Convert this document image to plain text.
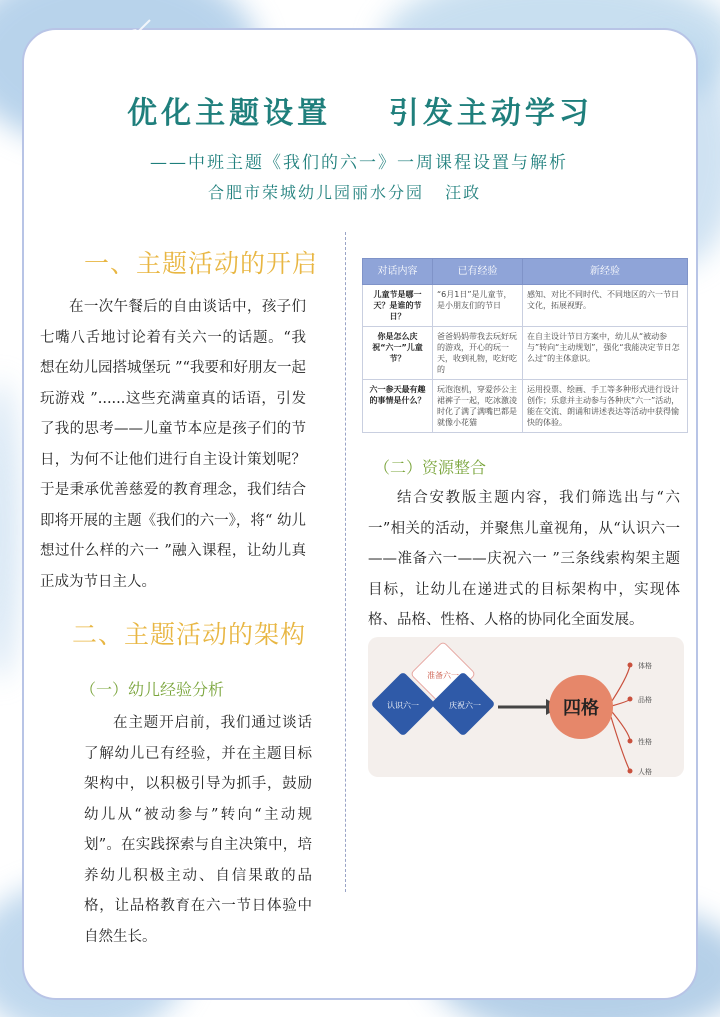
优化主题设置    引发主动学习
——中班主题《我们的六一》一周课程设置与解析
合肥市荣城幼儿园丽水分园 汪政
一、主题活动的开启
在一次午餐后的自由谈话中，孩子们七嘴八舌地讨论着有关六一的话题。“我想在幼儿园搭城堡玩 ”“我要和好朋友一起玩游戏 ”......这些充满童真的话语，引发了我的思考——儿童节本应是孩子们的节日，为何不让他们进行自主设计策划呢？于是秉承优善慈爱的教育理念，我们结合即将开展的主题《我们的六一》，将“ 幼儿想过什么样的六一 ”融入课程，让幼儿真正成为节日主人。
二、主题活动的架构
（一）幼儿经验分析
在主题开启前，我们通过谈话了解幼儿已有经验，并在主题目标架构中，以积极引导为抓手，鼓励幼儿从“被动参与”转向“主动规划”。在实践探索与自主决策中，培养幼儿积极主动、自信果敢的品格，让品格教育在六一节日体验中自然生长。
对话内容	已有经验	新经验
儿童节是哪一天？是谁的节日？	“6月1日”是儿童节，是小朋友们的节日	感知、对比不同时代、不同地区的六一节日文化，拓展视野。
你是怎么庆祝“六一”儿童节？	爸爸妈妈带我去玩好玩的游戏，开心的玩一天，收到礼物，吃好吃的	在自主设计节日方案中，幼儿从“被动参与”转向“主动规划”，强化“我能决定节日怎么过”的主体意识。
六一参天最有趣的事情是什么？	玩泡泡机，穿爱莎公主裙裤子一起，吃冰激凌时化了满了满嘴巴都是就像小花猫	运用投票、绘画、手工等多种形式进行设计创作；乐意并主动参与各种庆“六一”活动，能在交流、朗诵和讲述表达等活动中获得愉快的体验。
（二）资源整合
结合安教版主题内容，我们筛选出与“六一”相关的活动，并聚焦儿童视角，从“认识六一——准备六一——庆祝六一 ”三条线索构架主题目标，让幼儿在递进式的目标架构中，实现体格、品格、性格、人格的协同化全面发展。
认识六一
准备六一
庆祝六一	四格
体格
品格
性格
人格
